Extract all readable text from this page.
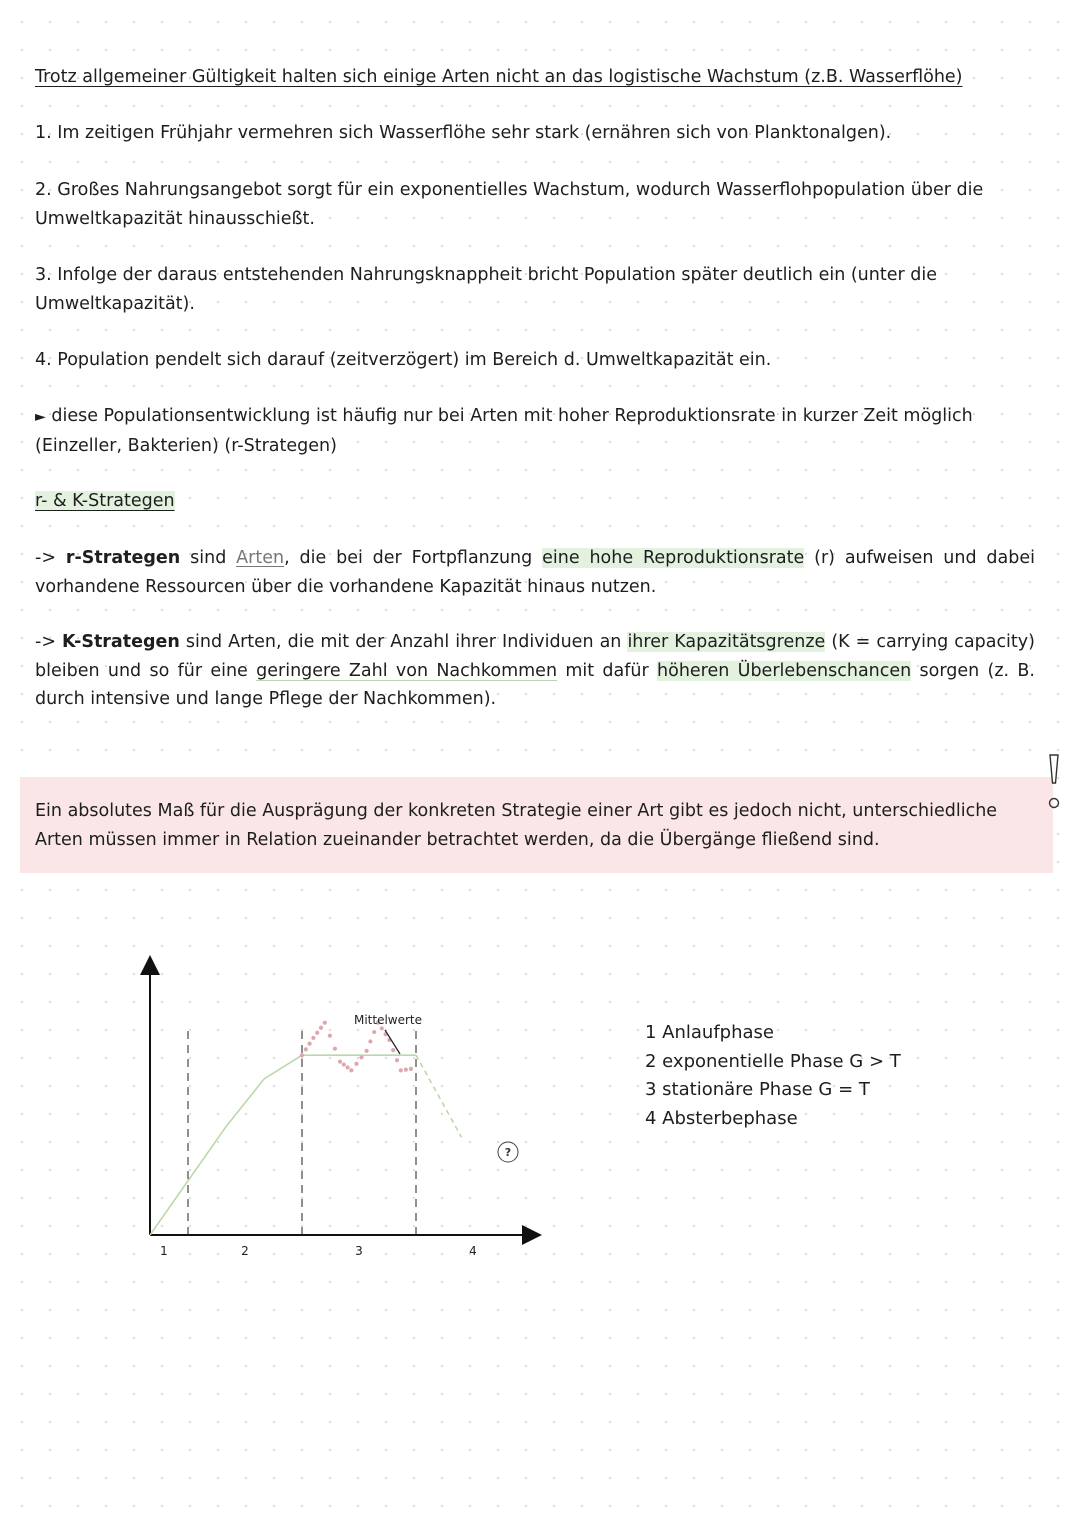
Trotz allgemeiner Gültigkeit halten sich einige Arten nicht an das logistische Wachstum (z.B. Wasserflöhe)
1. Im zeitigen Frühjahr vermehren sich Wasserflöhe sehr stark (ernähren sich von Planktonalgen).
2. Großes Nahrungsangebot sorgt für ein exponentielles Wachstum, wodurch Wasserflohpopulation über die Umweltkapazität hinausschießt.
3. Infolge der daraus entstehenden Nahrungsknappheit bricht Population später deutlich ein (unter die Umweltkapazität).
4. Population pendelt sich darauf (zeitverzögert) im Bereich d. Umweltkapazität ein.
► diese Populationsentwicklung ist häufig nur bei Arten mit hoher Reproduktionsrate in kurzer Zeit möglich (Einzeller, Bakterien) (r-Strategen)
r- & K-Strategen
-> r-Strategen sind Arten, die bei der Fortpflanzung eine hohe Reproduktionsrate (r) aufweisen und dabei vorhandene Ressourcen über die vorhandene Kapazität hinaus nutzen.
-> K-Strategen sind Arten, die mit der Anzahl ihrer Individuen an ihrer Kapazitätsgrenze (K = carrying capacity) bleiben und so für eine geringere Zahl von Nachkommen mit dafür höheren Überlebenschancen sorgen (z. B. durch intensive und lange Pflege der Nachkommen).
Ein absolutes Maß für die Ausprägung der konkreten Strategie einer Art gibt es jedoch nicht, unterschiedliche Arten müssen immer in Relation zueinander betrachtet werden, da die Übergänge fließend sind.
1	2	3	4
Mittelwerte
?
1 Anlaufphase
2 exponentielle Phase G > T
3 stationäre Phase G = T
4 Absterbephase
